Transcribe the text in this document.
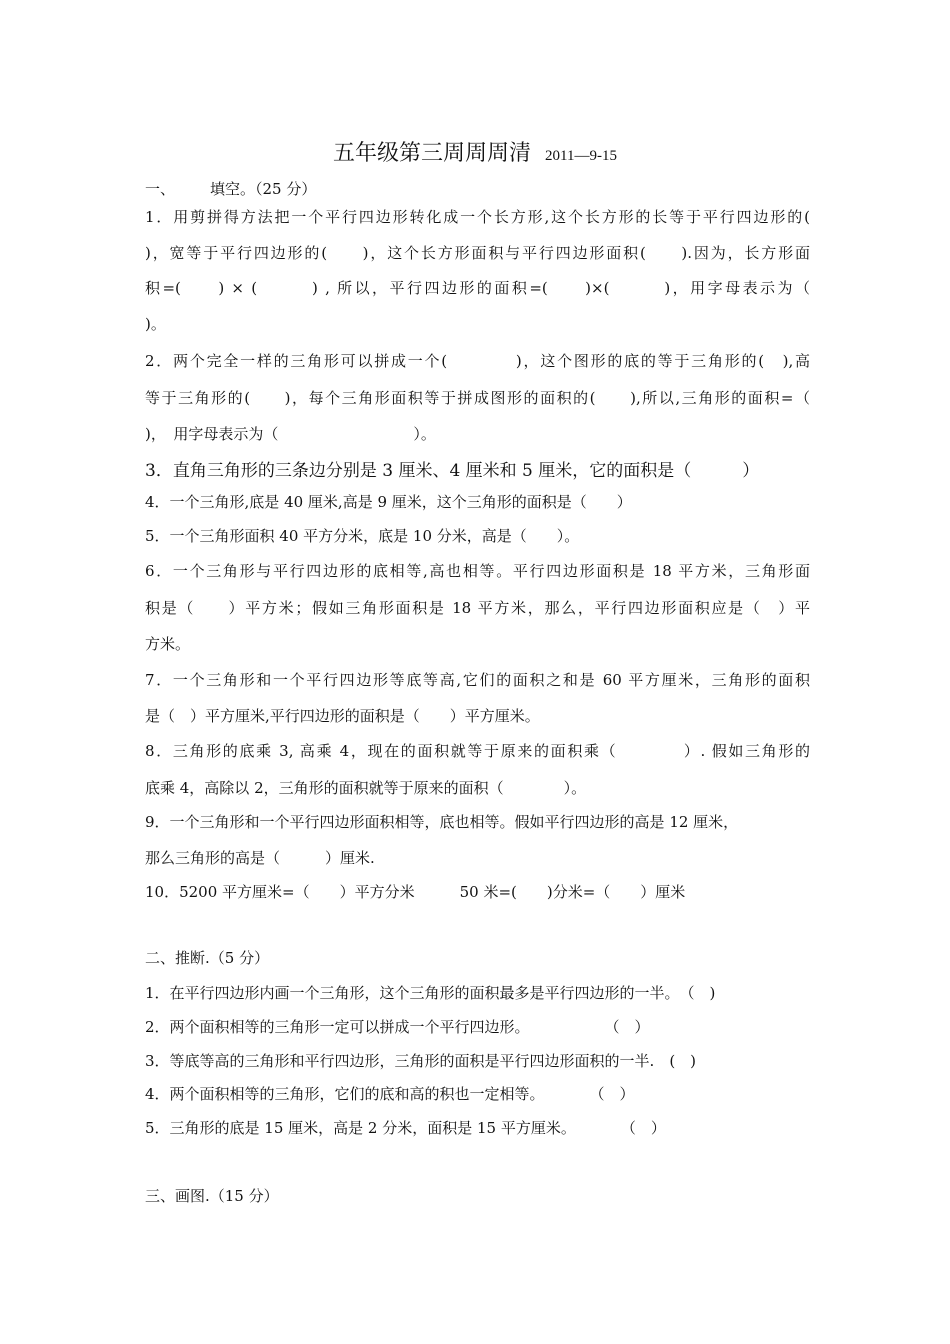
五年级第三周周周清 2011—9-15
一、 填空。（25 分）
1．用剪拼得方法把一个平行四边形转化成一个长方形,这个长方形的长等于平行四边形的(
)，宽等于平行四边形的(　　)，这个长方形面积与平行四边形面积(　　).因为，长方形面
积=(　　) × (　　　) , 所以，平行四边形的面积=(　　)×(　　　)，用字母表示为（
)。
2．两个完全一样的三角形可以拼成一个(　　　　)，这个图形的底的等于三角形的(　),高
等于三角形的(　　)，每个三角形面积等于拼成图形的面积的(　　),所以,三角形的面积=（
)，　用字母表示为（　　　　　　　　　）。
3．直角三角形的三条边分别是 3 厘米、4 厘米和 5 厘米，它的面积是（　　　）
4．一个三角形,底是 40 厘米,高是 9 厘米，这个三角形的面积是（　　）
5．一个三角形面积 40 平方分米，底是 10 分米，高是（　　）。
6．一个三角形与平行四边形的底相等,高也相等。平行四边形面积是 18 平方米，三角形面
积是（　　）平方米；假如三角形面积是 18 平方米，那么，平行四边形面积应是（　）平
方米。
7．一个三角形和一个平行四边形等底等高,它们的面积之和是 60 平方厘米，三角形的面积
是（　）平方厘米,平行四边形的面积是（　　）平方厘米。
8．三角形的底乘 3, 高乘 4，现在的面积就等于原来的面积乘（　　　　）. 假如三角形的
底乘 4，高除以 2，三角形的面积就等于原来的面积（　　　　）。
9．一个三角形和一个平行四边形面积相等，底也相等。假如平行四边形的高是 12 厘米，
那么三角形的高是（　　　）厘米.
10．5200 平方厘米=（　　）平方分米　　　50 米=(　　)分米=（　　）厘米
二、推断.（5 分）
1．在平行四边形内画一个三角形，这个三角形的面积最多是平行四边形的一半。　（　)
2．两个面积相等的三角形一定可以拼成一个平行四边形。　　　　　　（　）
3．等底等高的三角形和平行四边形，三角形的面积是平行四边形面积的一半.　(　)
4．两个面积相等的三角形，它们的底和高的积也一定相等。　　　　（　）
5．三角形的底是 15 厘米，高是 2 分米，面积是 15 平方厘米。　　　　（　）
三、画图.（15 分）
